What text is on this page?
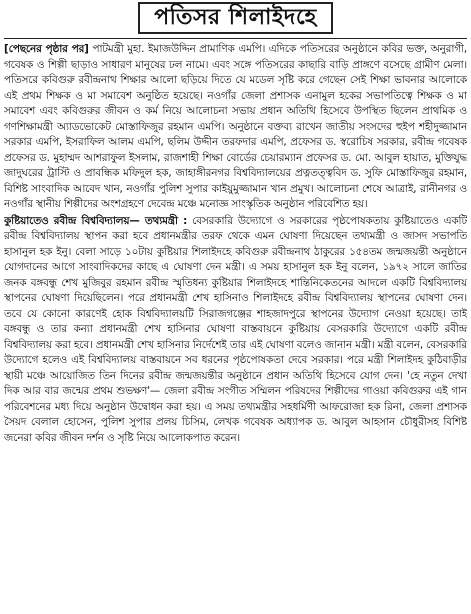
পতিসর শিলাইদহে

[পেছনের পৃষ্ঠার পর] পাটমন্ত্রী মুহা. ইমাজউদ্দিন প্রামাণিক এমপি। এদিকে পতিসরের অনুষ্ঠানে কবির ভক্ত, অনুরাগী, গবেষক ও শিল্পী ছাড়াও সাধারণ মানুষের ঢল নামে। এবং সঙ্গে পতিসরের কাছারি বাড়ি প্রাঙ্গণে বসেছে গ্রামীণ মেলা। পতিসরে কবিগুরু রবীন্দ্রনাথ শিক্ষার আলো ছড়িয়ে দিতে যে মডেল সৃষ্টি করে গেছেন সেই শিক্ষা ভাবনার আলোকে এই প্রথম শিক্ষক ও মা সমাবেশ অনুষ্ঠিত হয়েছে। নওগাঁর জেলা প্রশাসক এনামুল হকের সভাপতিত্বে শিক্ষক ও মা সমাবেশ এবং কবিগুরুর জীবন ও কর্ম নিয়ে আলোচনা সভায় প্রধান অতিথি হিসেবে উপস্থিত ছিলেন প্রাথমিক ও গণশিক্ষামন্ত্রী অ্যাডভোকেট মোস্তাফিজুর রহমান এমপি। অনুষ্ঠানে বক্তব্য রাখেন জাতীয় সংসদের হুইপ শহীদুজ্জামান সরকার এমপি, ইসরাফিল আলম এমপি, ছলিম উদ্দীন তরফদার এমপি, প্রফেসর ড. স্বরোচিষ সরকার, রবীন্দ্র গবেষক প্রফেসর ড. মুহাম্মদ আশরাফুল ইসলাম, রাজশাহী শিক্ষা বোর্ডের চেয়ারম্যান প্রফেসর ড. মো. আবুল হায়াত, মুক্তিযুদ্ধ জাদুঘরের ট্রাস্টি ও প্রাবন্ধিক মফিদুল হক, জাহাঙ্গীরনগর বিশ্ববিদ্যালয়ের প্রত্নতত্ত্ববিদ ড. সুফি মোস্তাফিজুর রহমান, বিশিষ্ট সাংবাদিক আবেদ খান, নওগাঁর পুলিশ সুপার কাইয়ুমুজ্জামান খান প্রমুখ। আলোচনা শেষে আত্রাই, রানীনগর ও নওগাঁর স্থানীয় শিল্পীদের অংশগ্রহণে দেবেন্দ্র মঞ্চে মনোজ্ঞ সাংস্কৃতিক অনুষ্ঠান পরিবেশিত হয়।

কুষ্টিয়াতেও রবীন্দ্র বিশ্ববিদ্যালয়— তথ্যমন্ত্রী : বেসরকারি উদ্যোগে ও সরকারের পৃষ্ঠপোষকতায় কুষ্টিয়াতেও একটি রবীন্দ্র বিশ্ববিদ্যালয় স্থাপন করা হবে প্রধানমন্ত্রীর তরফ থেকে এমন ঘোষণা দিয়েছেন তথ্যমন্ত্রী ও জাসদ সভাপতি হাসানুল হক ইনু। বেলা সাড়ে ১০টায় কুষ্টিয়ার শিলাইদহে কবিগুরু রবীন্দ্রনাথ ঠাকুরের ১৫৪তম জন্মজয়ন্তী অনুষ্ঠানে যোগদানের আগে সাংবাদিকদের কাছে এ ঘোষণা দেন মন্ত্রী। এ সময় হাসানুল হক ইনু বলেন, ১৯৭২ সালে জাতির জনক বঙ্গবন্ধু শেখ মুজিবুর রহমান রবীন্দ্র স্মৃতিধন্য কুষ্টিয়ার শিলাইদহে শান্তিনিকেতনের আদলে একটি বিশ্ববিদ্যালয় স্থাপনের ঘোষণা দিয়েছিলেন। পরে প্রধানমন্ত্রী শেখ হাসিনাও শিলাইদহে রবীন্দ্র বিশ্ববিদ্যালয় স্থাপনের ঘোষণা দেন। তবে যে কোনো কারণেই হোক বিশ্ববিদ্যালয়টি সিরাজগঞ্জের শাহজাদপুরে স্থাপনের উদ্যোগ নেওয়া হয়েছে। তাই বঙ্গবন্ধু ও তার কন্যা প্রধানমন্ত্রী শেখ হাসিনার ঘোষণা বাস্তবায়নে কুষ্টিয়ায় বেসরকারি উদ্যোগে একটি রবীন্দ্র বিশ্ববিদ্যালয় করা হবে। প্রধানমন্ত্রী শেখ হাসিনার নির্দেশেই তার এই ঘোষণা বলেও জানান মন্ত্রী। মন্ত্রী বলেন, বেসরকারি উদ্যোগে হলেও এই বিশ্ববিদ্যালয় বাস্তবায়নে সব ধরনের পৃষ্ঠপোষকতা দেবে সরকার। পরে মন্ত্রী শিলাইদহ কুঠিবাড়ীর স্থায়ী মঞ্চে আয়োজিত তিন দিনের রবীন্দ্র জন্মজয়ন্তীর অনুষ্ঠানে প্রধান অতিথি হিসেবে যোগ দেন। 'হে নতুন দেখা দিক আর বার জন্মের প্রথম শুভক্ষণ'— জেলা রবীন্দ্র সংগীত সম্মিলন পরিষদের শিল্পীদের গাওয়া কবিগুরুর এই গান পরিবেশনের মধ্য দিয়ে অনুষ্ঠান উদ্বোধন করা হয়। এ সময় তথ্যমন্ত্রীর সহধর্মিণী আফরোজা হক রিনা, জেলা প্রশাসক সৈয়দ বেলাল হোসেন, পুলিশ সুপার প্রলয় চিসিম, লেখক গবেষক অধ্যাপক ড. আবুল আহসান চৌধুরীসহ বিশিষ্ট জনেরা কবির জীবন দর্শন ও সৃষ্টি নিয়ে আলোকপাত করেন।
